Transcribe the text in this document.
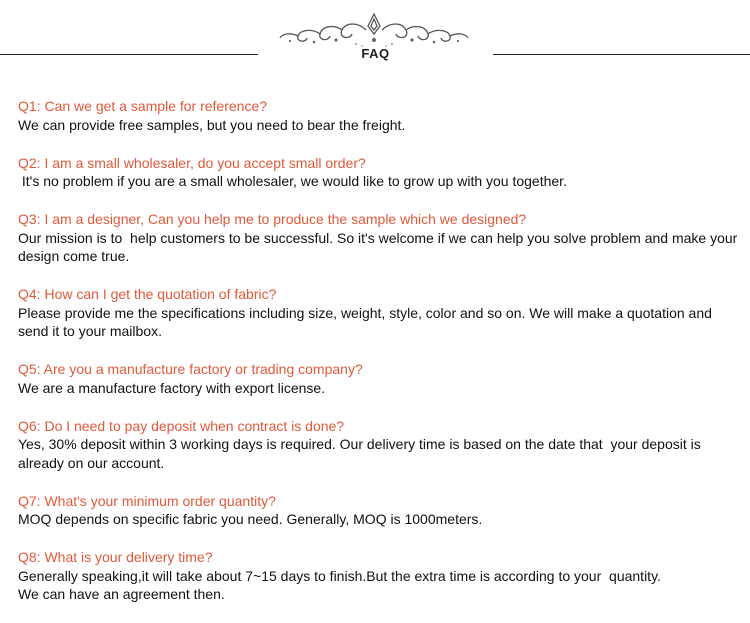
FAQ
Q1: Can we get a sample for reference?
We can provide free samples, but you need to bear the freight.
Q2: I am a small wholesaler, do you accept small order?
It's no problem if you are a small wholesaler, we would like to grow up with you together.
Q3: I am a designer, Can you help me to produce the sample which we designed?
Our mission is to  help customers to be successful. So it's welcome if we can help you solve problem and make your design come true.
Q4: How can I get the quotation of fabric?
Please provide me the specifications including size, weight, style, color and so on. We will make a quotation and send it to your mailbox.
Q5: Are you a manufacture factory or trading company?
We are a manufacture factory with export license.
Q6: Do I need to pay deposit when contract is done?
Yes, 30% deposit within 3 working days is required. Our delivery time is based on the date that  your deposit is already on our account.
Q7: What's your minimum order quantity?
MOQ depends on specific fabric you need. Generally, MOQ is 1000meters.
Q8: What is your delivery time?
Generally speaking,it will take about 7~15 days to finish.But the extra time is according to your  quantity.
We can have an agreement then.
